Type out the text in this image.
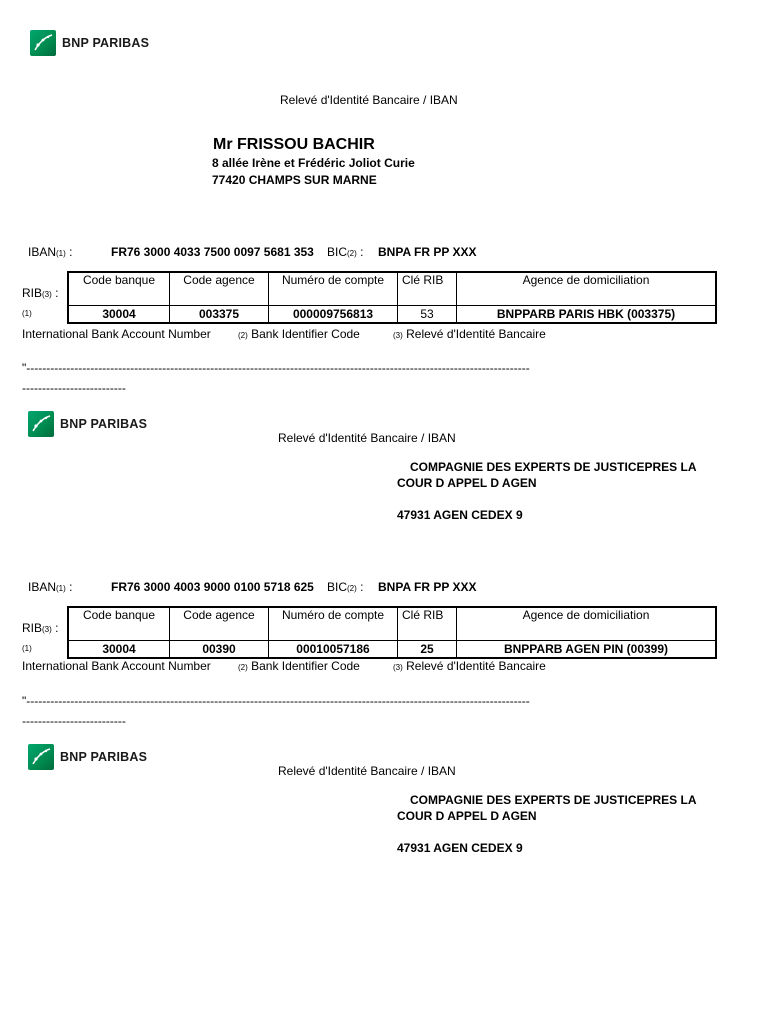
BNP PARIBAS
Relevé d'Identité Bancaire / IBAN
Mr FRISSOU BACHIR
8 allée Irène et Frédéric Joliot Curie
77420 CHAMPS SUR MARNE
IBAN(1) :	FR76 3000 4033 7500 0097 5681 353 BIC(2) : BNPA FR PP XXX
RIB(3) :
(1)
Code banque	Code agence	Numéro de compte	Clé RIB	Agence de domiciliation
30004	003375	000009756813	53	BNPPARB PARIS HBK (003375)
International Bank Account Number	(2) Bank Identifier Code	(3) Relevé d'Identité Bancaire
"------------------------------------------------------------------------------------------------------------------------------
--------------------------
BNP PARIBAS
Relevé d'Identité Bancaire / IBAN
COMPAGNIE DES EXPERTS DE JUSTICEPRES LA
COUR D APPEL D AGEN
47931 AGEN CEDEX 9
IBAN(1) :	FR76 3000 4003 9000 0100 5718 625 BIC(2) : BNPA FR PP XXX
RIB(3) :
(1)
Code banque	Code agence	Numéro de compte	Clé RIB	Agence de domiciliation
30004	00390	00010057186	25	BNPPARB AGEN PIN (00399)
International Bank Account Number	(2) Bank Identifier Code	(3) Relevé d'Identité Bancaire
"------------------------------------------------------------------------------------------------------------------------------
--------------------------
BNP PARIBAS
Relevé d'Identité Bancaire / IBAN
COMPAGNIE DES EXPERTS DE JUSTICEPRES LA
COUR D APPEL D AGEN
47931 AGEN CEDEX 9
